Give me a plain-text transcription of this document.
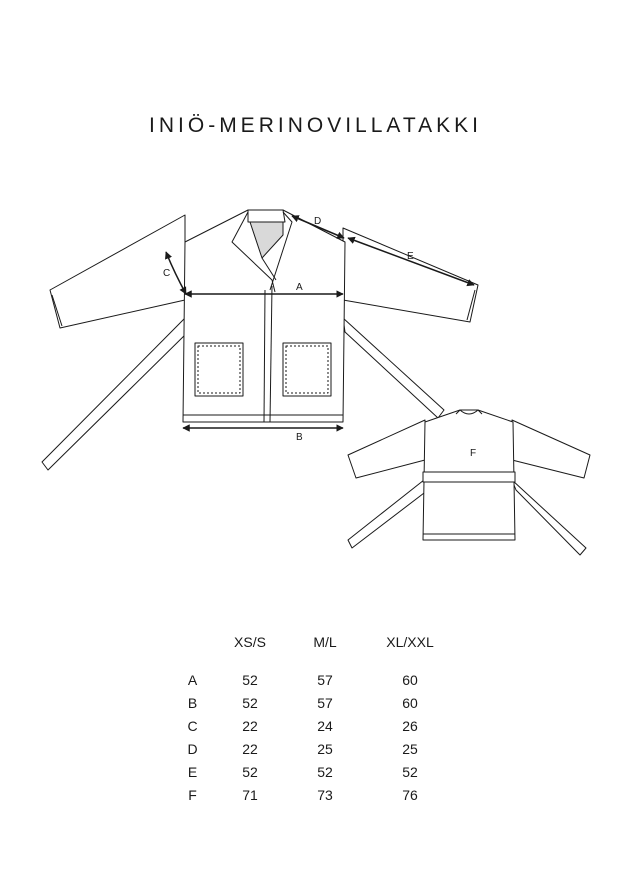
INIÖ-MERINOVILLATAKKI
A
B
C
D
E
F
	XS/S	M/L	XL/XXL
A	52	57	60
B	52	57	60
C	22	24	26
D	22	25	25
E	52	52	52
F	71	73	76
